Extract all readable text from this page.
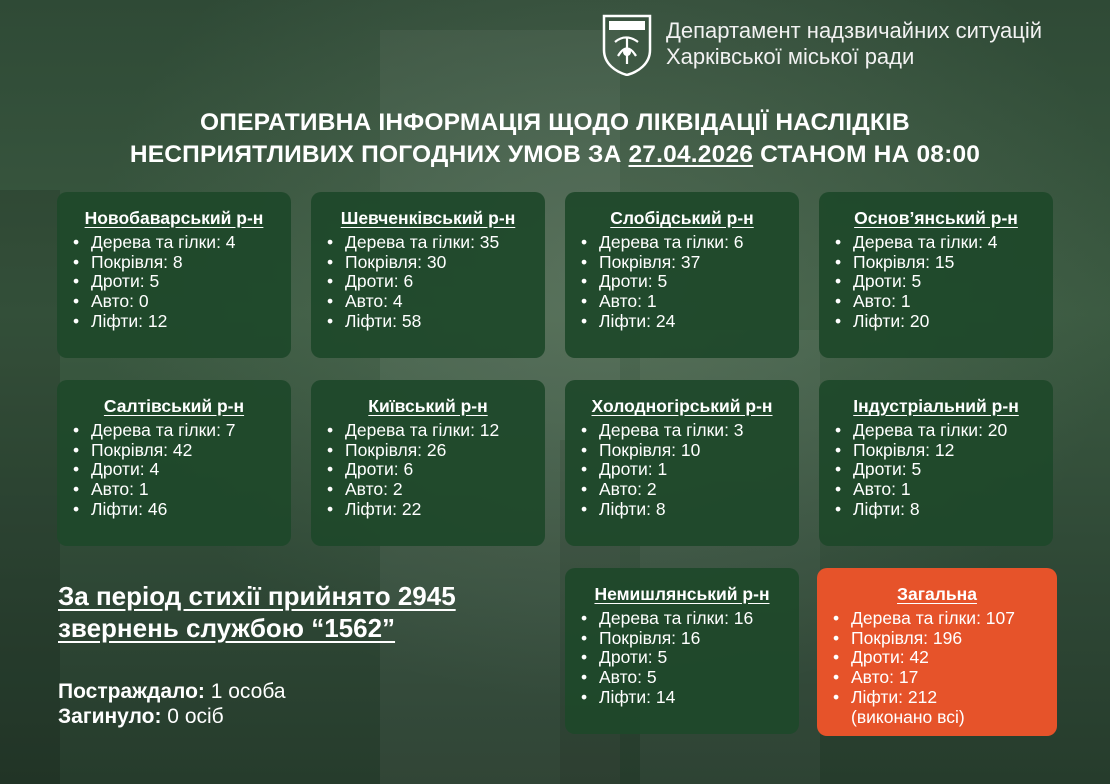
Департамент надзвичайних ситуацій
Харківської міської ради
ОПЕРАТИВНА ІНФОРМАЦІЯ ЩОДО ЛІКВІДАЦІЇ НАСЛІДКІВ
НЕСПРИЯТЛИВИХ ПОГОДНИХ УМОВ ЗА 27.04.2026 СТАНОМ НА 08:00
Новобаварський р-н
• Дерева та гілки: 4
• Покрівля: 8
• Дроти: 5
• Авто: 0
• Ліфти: 12
Шевченківський р-н
• Дерева та гілки: 35
• Покрівля: 30
• Дроти: 6
• Авто: 4
• Ліфти: 58
Слобідський р-н
• Дерева та гілки: 6
• Покрівля: 37
• Дроти: 5
• Авто: 1
• Ліфти: 24
Основ’янський р-н
• Дерева та гілки: 4
• Покрівля: 15
• Дроти: 5
• Авто: 1
• Ліфти: 20
Салтівський р-н
• Дерева та гілки: 7
• Покрівля: 42
• Дроти: 4
• Авто: 1
• Ліфти: 46
Київський р-н
• Дерева та гілки: 12
• Покрівля: 26
• Дроти: 6
• Авто: 2
• Ліфти: 22
Холодногірський р-н
• Дерева та гілки: 3
• Покрівля: 10
• Дроти: 1
• Авто: 2
• Ліфти: 8
Індустріальний р-н
• Дерева та гілки: 20
• Покрівля: 12
• Дроти: 5
• Авто: 1
• Ліфти: 8
За період стихії прийнято 2945
звернень службою “1562”
Постраждало: 1 особа
Загинуло: 0 осіб
Немишлянський р-н
• Дерева та гілки: 16
• Покрівля: 16
• Дроти: 5
• Авто: 5
• Ліфти: 14
Загальна
• Дерева та гілки: 107
• Покрівля: 196
• Дроти: 42
• Авто: 17
• Ліфти: 212
(виконано всі)
